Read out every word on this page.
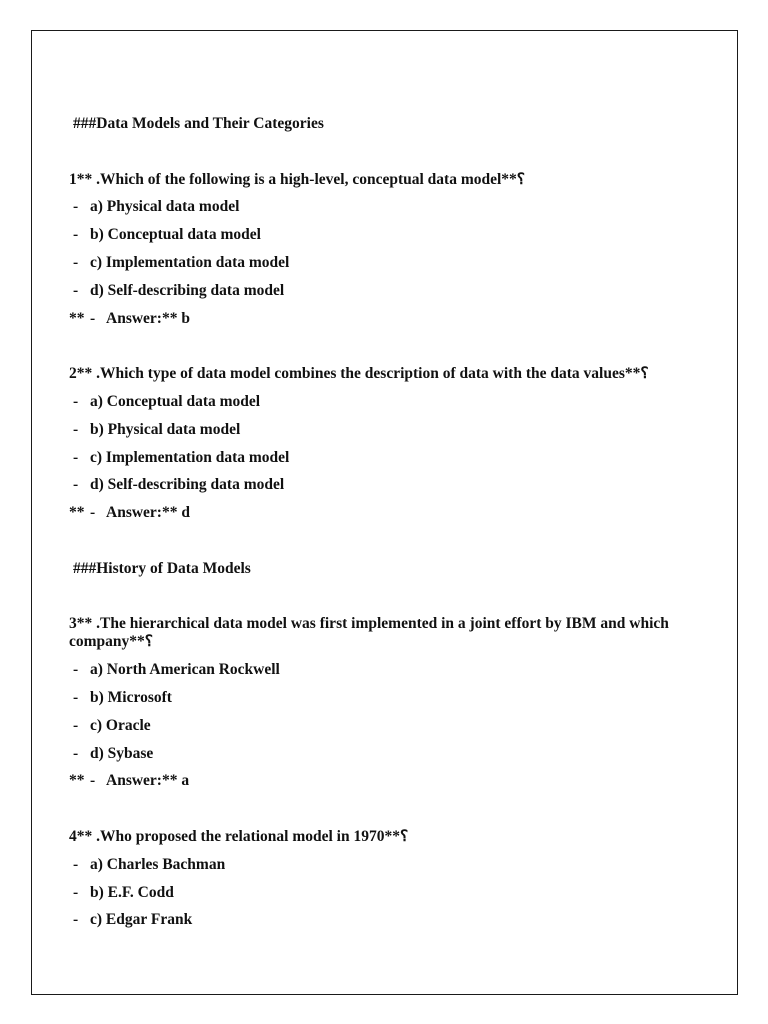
###Data Models and Their Categories
1** .Which of the following is a high-level, conceptual data model**؟
- a) Physical data model
- b) Conceptual data model
- c) Implementation data model
- d) Self-describing data model
** - Answer:** b
2** .Which type of data model combines the description of data with the data values**؟
- a) Conceptual data model
- b) Physical data model
- c) Implementation data model
- d) Self-describing data model
** - Answer:** d
###History of Data Models
3** .The hierarchical data model was first implemented in a joint effort by IBM and which company**؟
- a) North American Rockwell
- b) Microsoft
- c) Oracle
- d) Sybase
** - Answer:** a
4** .Who proposed the relational model in 1970**؟
- a) Charles Bachman
- b) E.F. Codd
- c) Edgar Frank
